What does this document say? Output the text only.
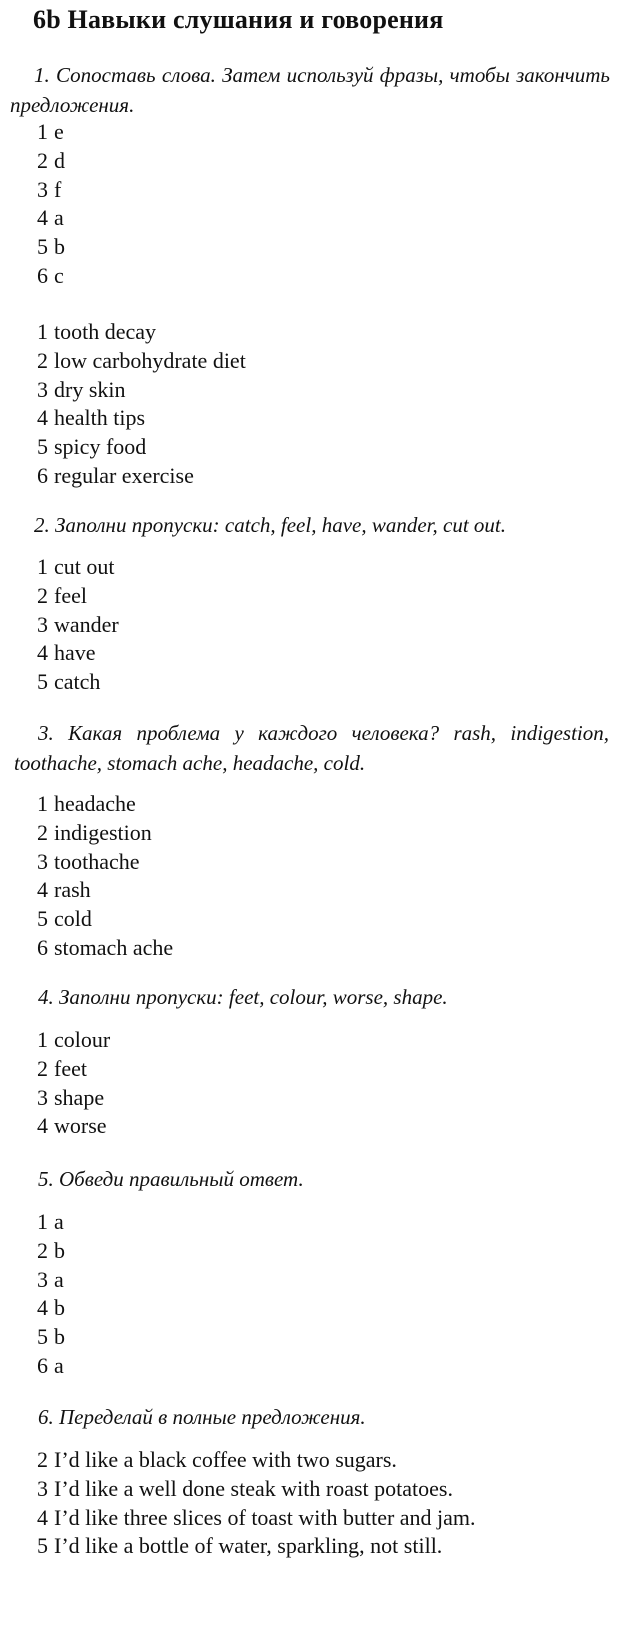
6b Навыки слушания и говорения

1. Сопоставь слова. Затем используй фразы, чтобы закончить предложения.

1 e
2 d
3 f
4 a
5 b
6 c
1 tooth decay
2 low carbohydrate diet
3 dry skin
4 health tips
5 spicy food
6 regular exercise

2. Заполни пропуски: catch, feel, have, wander, cut out.

1 cut out
2 feel
3 wander
4 have
5 catch

3. Какая проблема у каждого человека? rash, indigestion, toothache, stomach ache, headache, cold.

1 headache
2 indigestion
3 toothache
4 rash
5 cold
6 stomach ache

4. Заполни пропуски: feet, colour, worse, shape.

1 colour
2 feet
3 shape
4 worse

5. Обведи правильный ответ.

1 a
2 b
3 a
4 b
5 b
6 a

6. Переделай в полные предложения.

2 I’d like a black coffee with two sugars.
3 I’d like a well done steak with roast potatoes.
4 I’d like three slices of toast with butter and jam.
5 I’d like a bottle of water, sparkling, not still.
